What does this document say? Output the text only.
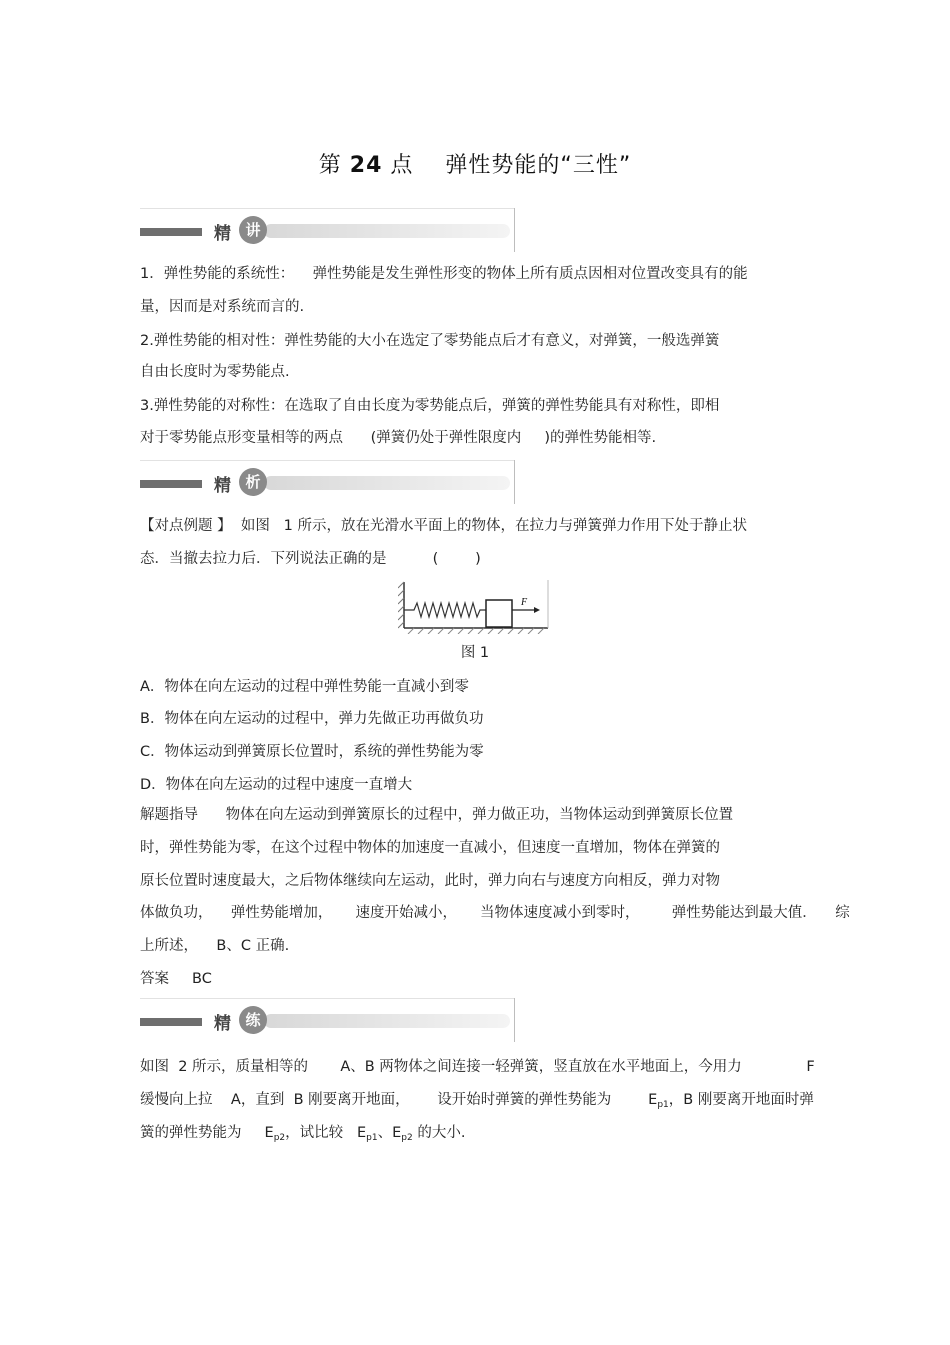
第 24 点 弹性势能的“三性”
精 讲
1．弹性势能的系统性：    弹性势能是发生弹性形变的物体上所有质点因相对位置改变具有的能
量，因而是对系统而言的.
2.弹性势能的相对性：弹性势能的大小在选定了零势能点后才有意义，对弹簧，一般选弹簧
自由长度时为零势能点.
3.弹性势能的对称性：在选取了自由长度为零势能点后，弹簧的弹性势能具有对称性，即相
对于零势能点形变量相等的两点      (弹簧仍处于弹性限度内     )的弹性势能相等.
精 析
【对点例题 】  如图   1 所示，放在光滑水平面上的物体，在拉力与弹簧弹力作用下处于静止状
态．当撤去拉力后．下列说法正确的是          (        )
F
图 1
A．物体在向左运动的过程中弹性势能一直减小到零
B．物体在向左运动的过程中，弹力先做正功再做负功
C．物体运动到弹簧原长位置时，系统的弹性势能为零
D．物体在向左运动的过程中速度一直增大
解题指导      物体在向左运动到弹簧原长的过程中，弹力做正功，当物体运动到弹簧原长位置
时，弹性势能为零，在这个过程中物体的加速度一直减小，但速度一直增加，物体在弹簧的
原长位置时速度最大，之后物体继续向左运动，此时，弹力向右与速度方向相反，弹力对物
体做负功，    弹性势能增加，     速度开始减小，     当物体速度减小到零时，       弹性势能达到最大值．    综
上所述，    B、C 正确.
答案     BC
精 练
如图  2 所示，质量相等的       A、B 两物体之间连接一轻弹簧，竖直放在水平地面上，今用力              F
缓慢向上拉    A，直到  B 刚要离开地面，      设开始时弹簧的弹性势能为        $E_{p1}$，B 刚要离开地面时弹
簧的弹性势能为     $E_{p2}$，试比较   $E_{p1}$、$E_{p2}$ 的大小.
